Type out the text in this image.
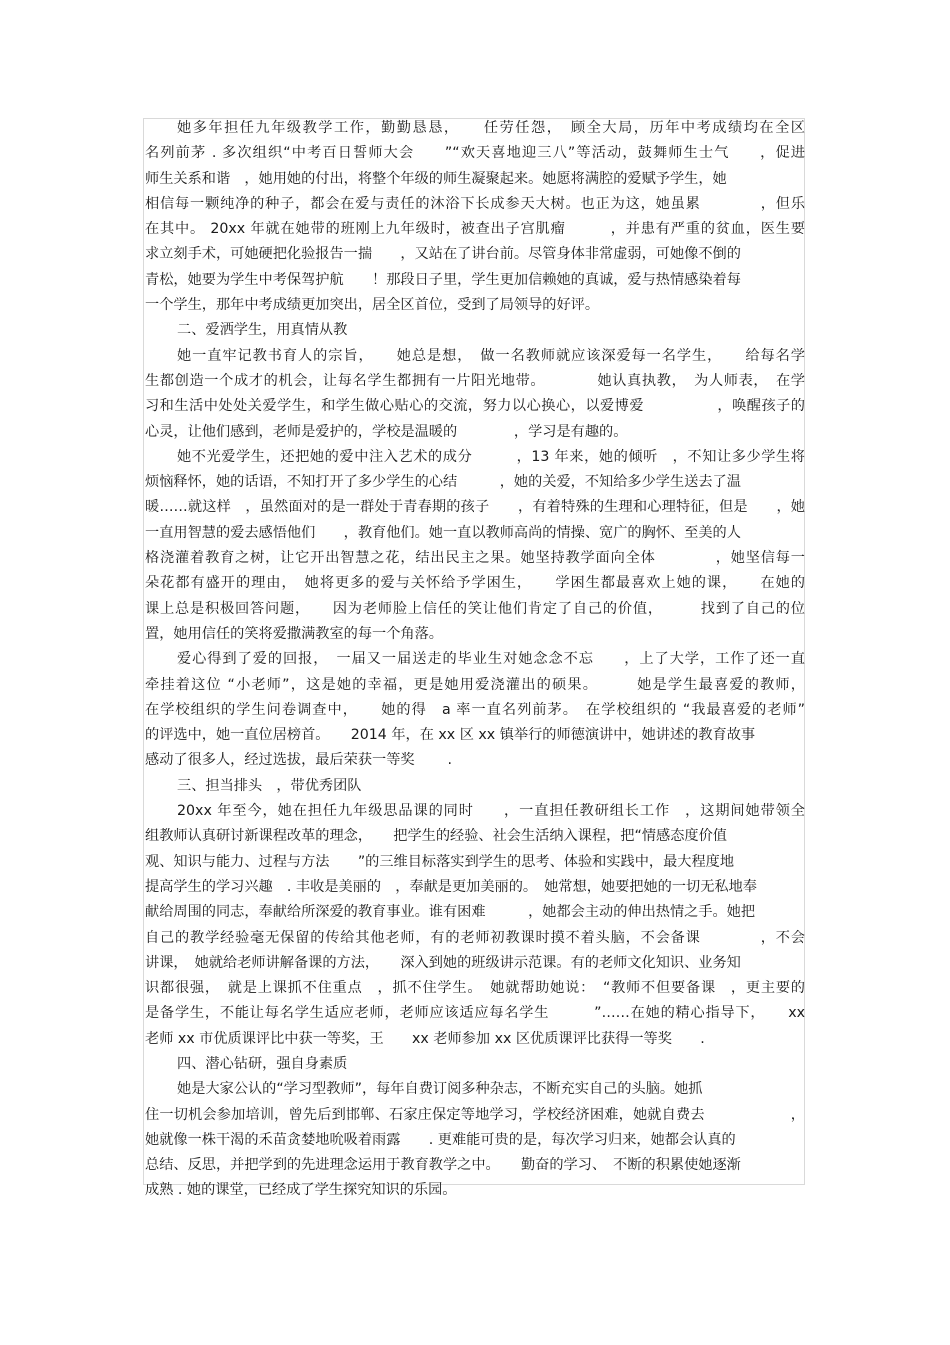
她多年担任九年级教学工作，勤勤恳恳，　　任劳任怨，　顾全大局，历年中考成绩均在全区
名列前茅 . 多次组织“中考百日誓师大会　　”“欢天喜地迎三八”等活动，鼓舞师生士气　　，促进
师生关系和谐　，她用她的付出，将整个年级的师生凝聚起来。她愿将满腔的爱赋予学生，她
相信每一颗纯净的种子，都会在爱与责任的沐浴下长成参天大树。也正为这，她虽累　　　　，但乐
在其中。 20xx 年就在她带的班刚上九年级时，被查出子宫肌瘤　　　，并患有严重的贫血，医生要
求立刻手术，可她硬把化验报告一揣　　，又站在了讲台前。尽管身体非常虚弱，可她像不倒的
青松，她要为学生中考保驾护航　　！那段日子里，学生更加信赖她的真诚，爱与热情感染着每
一个学生，那年中考成绩更加突出，居全区首位，受到了局领导的好评。
二、爱洒学生，用真情从教
她一直牢记教书育人的宗旨，　　她总是想，　做一名教师就应该深爱每一名学生，　　给每名学
生都创造一个成才的机会，让每名学生都拥有一片阳光地带。　　　　她认真执教，　为人师表，　在学
习和生活中处处关爱学生，和学生做心贴心的交流，努力以心换心，以爱博爱　　　　　，唤醒孩子的
心灵，让他们感到，老师是爱护的，学校是温暖的　　　　，学习是有趣的。
她不光爱学生，还把她的爱中注入艺术的成分　　　，13 年来，她的倾听　，不知让多少学生将
烦恼释怀，她的话语，不知打开了多少学生的心结　　　，她的关爱，不知给多少学生送去了温
暖……就这样　，虽然面对的是一群处于青春期的孩子　　，有着特殊的生理和心理特征，但是　　，她
一直用智慧的爱去感悟他们　　，教育他们。她一直以教师高尚的情操、宽广的胸怀、至美的人
格浇灌着教育之树，让它开出智慧之花，结出民主之果。她坚持教学面向全体　　　　，她坚信每一
朵花都有盛开的理由，　她将更多的爱与关怀给予学困生，　　学困生都最喜欢上她的课，　　在她的
课上总是积极回答问题，　　因为老师脸上信任的笑让他们肯定了自己的价值，　　　找到了自己的位
置，她用信任的笑将爱撒满教室的每一个角落。
爱心得到了爱的回报，　一届又一届送走的毕业生对她念念不忘　　，上了大学，工作了还一直
牵挂着这位 “小老师”，这是她的幸福，更是她用爱浇灌出的硕果。　　　她是学生最喜爱的教师，
在学校组织的学生问卷调查中，　　她的得　a 率一直名列前茅。　在学校组织的 “我最喜爱的老师”
的评选中，她一直位居榜首。　　2014 年，在 xx 区 xx 镇举行的师德演讲中，她讲述的教育故事
感动了很多人，经过选拔，最后荣获一等奖　　 .
三、担当排头　，带优秀团队
20xx 年至今，她在担任九年级思品课的同时　　，一直担任教研组长工作　，这期间她带领全
组教师认真研讨新课程改革的理念，　　把学生的经验、社会生活纳入课程，把“情感态度价值
观、知识与能力、过程与方法　　”的三维目标落实到学生的思考、体验和实践中，最大程度地
提高学生的学习兴趣　. 丰收是美丽的　，奉献是更加美丽的。　她常想，她要把她的一切无私地奉
献给周围的同志，奉献给所深爱的教育事业。谁有困难　　　，她都会主动的伸出热情之手。她把
自己的教学经验毫无保留的传给其他老师，有的老师初教课时摸不着头脑，不会备课　　　　，不会
讲课，　她就给老师讲解备课的方法，　　深入到她的班级讲示范课。有的老师文化知识、业务知
识都很强，　就是上课抓不住重点　，抓不住学生。　她就帮助她说：　“教师不但要备课　，更主要的
是备学生，不能让每名学生适应老师，老师应该适应每名学生　　　”……在她的精心指导下，　　xx
老师 xx 市优质课评比中获一等奖，王　　xx 老师参加 xx 区优质课评比获得一等奖　　.
四、潜心钻研，强自身素质
她是大家公认的“学习型教师”，每年自费订阅多种杂志，不断充实自己的头脑。她抓
住一切机会参加培训，曾先后到邯郸、石家庄保定等地学习，学校经济困难，她就自费去　　　　　　，
她就像一株干渴的禾苗贪婪地吮吸着雨露　　. 更难能可贵的是，每次学习归来，她都会认真的
总结、反思，并把学到的先进理念运用于教育教学之中。　　勤奋的学习、　不断的积累使她逐渐
成熟 . 她的课堂，已经成了学生探究知识的乐园。
